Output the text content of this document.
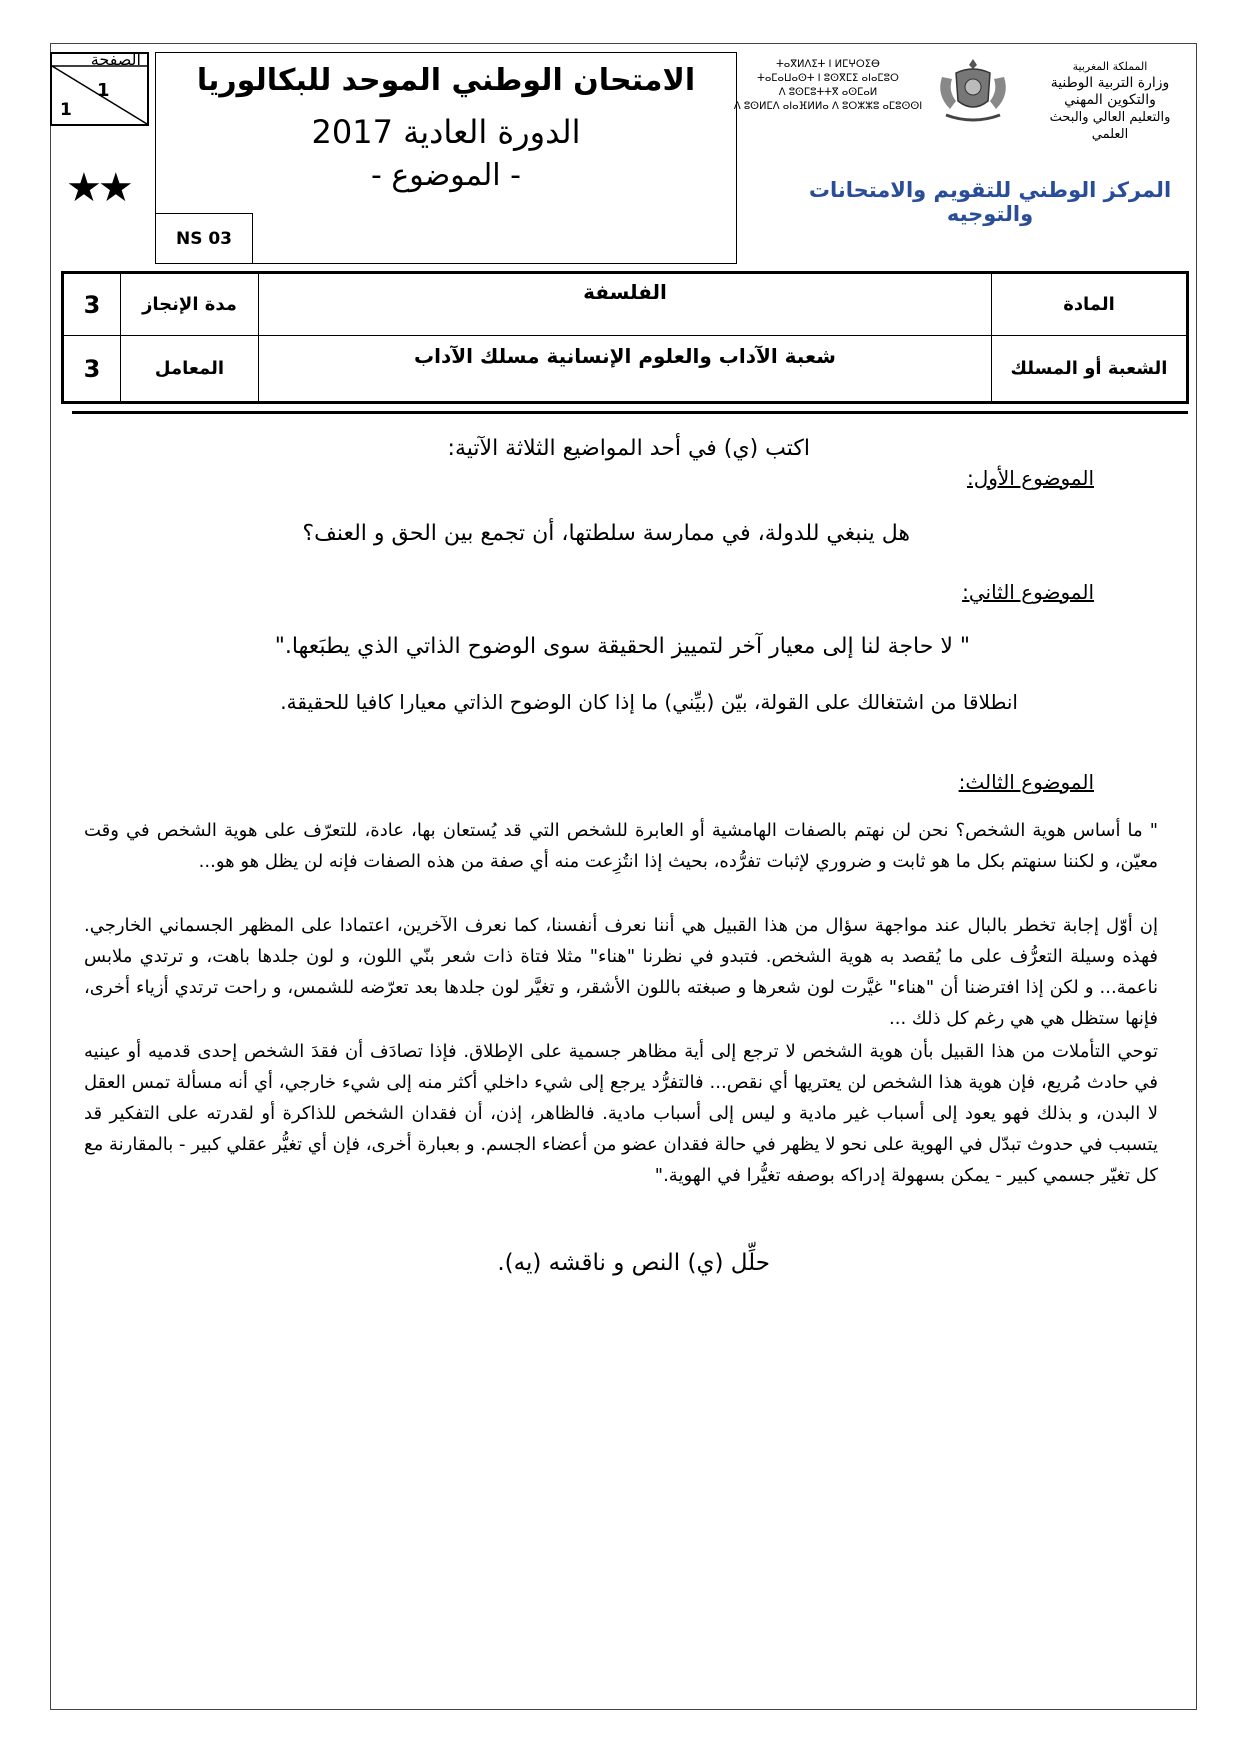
الصفحة
1
1
★★
الامتحان الوطني الموحد للبكالوريا
الدورة العادية 2017
- الموضوع -
NS 03
ⵜⴰⴳⵍⴷⵉⵜ ⵏ ⵍⵎⵖⵔⵉⴱ
ⵜⴰⵎⴰⵡⴰⵙⵜ ⵏ ⵓⵙⴳⵎⵉ ⴰⵏⴰⵎⵓⵔ
ⴷ ⵓⵙⵎⵓⵜⵜⴳ ⴰⵙⵎⴰⵍ
ⴷ ⵓⵙⵍⵎⴷ ⴰⵏⴰⴼⵍⵍⴰ ⴷ ⵓⵔⵣⵣⵓ ⴰⵎⵓⵙⵙⵏ
المملكة المغربية
وزارة التربية الوطنية
والتكوين المهني
والتعليم العالي والبحث العلمي
المركز الوطني للتقويم والامتحانات والتوجيه
3	مدة الإنجاز	الفلسفة	المادة
3	المعامل	شعبة الآداب والعلوم الإنسانية مسلك الآداب	الشعبة أو المسلك
اكتب (ي) في أحد المواضيع الثلاثة الآتية:
الموضوع الأول:
هل ينبغي للدولة، في ممارسة سلطتها، أن تجمع بين الحق و العنف؟
الموضوع الثاني:
" لا حاجة لنا إلى معيار آخر لتمييز الحقيقة سوى الوضوح الذاتي الذي يطبَعها."
انطلاقا من اشتغالك على القولة، بيّن (بيِّني) ما إذا كان الوضوح الذاتي معيارا كافيا للحقيقة.
الموضوع الثالث:
" ما أساس هوية الشخص؟ نحن لن نهتم بالصفات الهامشية أو العابرة للشخص التي قد يُستعان بها، عادة، للتعرّف على هوية الشخص في وقت معيّن، و لكننا سنهتم بكل ما هو ثابت و ضروري لإثبات تفرُّده، بحيث إذا انتُزِعت منه أي صفة من هذه الصفات فإنه لن يظل هو هو...
إن أوّل إجابة تخطر بالبال عند مواجهة سؤال من هذا القبيل هي أننا نعرف أنفسنا، كما نعرف الآخرين، اعتمادا على المظهر الجسماني الخارجي. فهذه وسيلة التعرُّف على ما يُقصد به هوية الشخص. فتبدو في نظرنا "هناء" مثلا فتاة ذات شعر بنّي اللون، و لون جلدها باهت، و ترتدي ملابس ناعمة... و لكن إذا افترضنا أن "هناء" غيَّرت لون شعرها و صبغته باللون الأشقر، و تغيَّر لون جلدها بعد تعرّضه للشمس، و راحت ترتدي أزياء أخرى، فإنها ستظل هي هي رغم كل ذلك ...
توحي التأملات من هذا القبيل بأن هوية الشخص لا ترجع إلى أية مظاهر جسمية على الإطلاق. فإذا تصادَف أن فقدَ الشخص إحدى قدميه أو عينيه في حادث مُريع، فإن هوية هذا الشخص لن يعتريها أي نقص... فالتفرُّد يرجع إلى شيء داخلي أكثر منه إلى شيء خارجي، أي أنه مسألة تمس العقل لا البدن، و بذلك فهو يعود إلى أسباب غير مادية و ليس إلى أسباب مادية. فالظاهر، إذن، أن فقدان الشخص للذاكرة أو لقدرته على التفكير قد يتسبب في حدوث تبدّل في الهوية على نحو لا يظهر في حالة فقدان عضو من أعضاء الجسم. و بعبارة أخرى، فإن أي تغيُّر عقلي كبير - بالمقارنة مع كل تغيّر جسمي كبير - يمكن بسهولة إدراكه بوصفه تغيُّرا في الهوية."
حلِّل (ي) النص و ناقشه (يه).
